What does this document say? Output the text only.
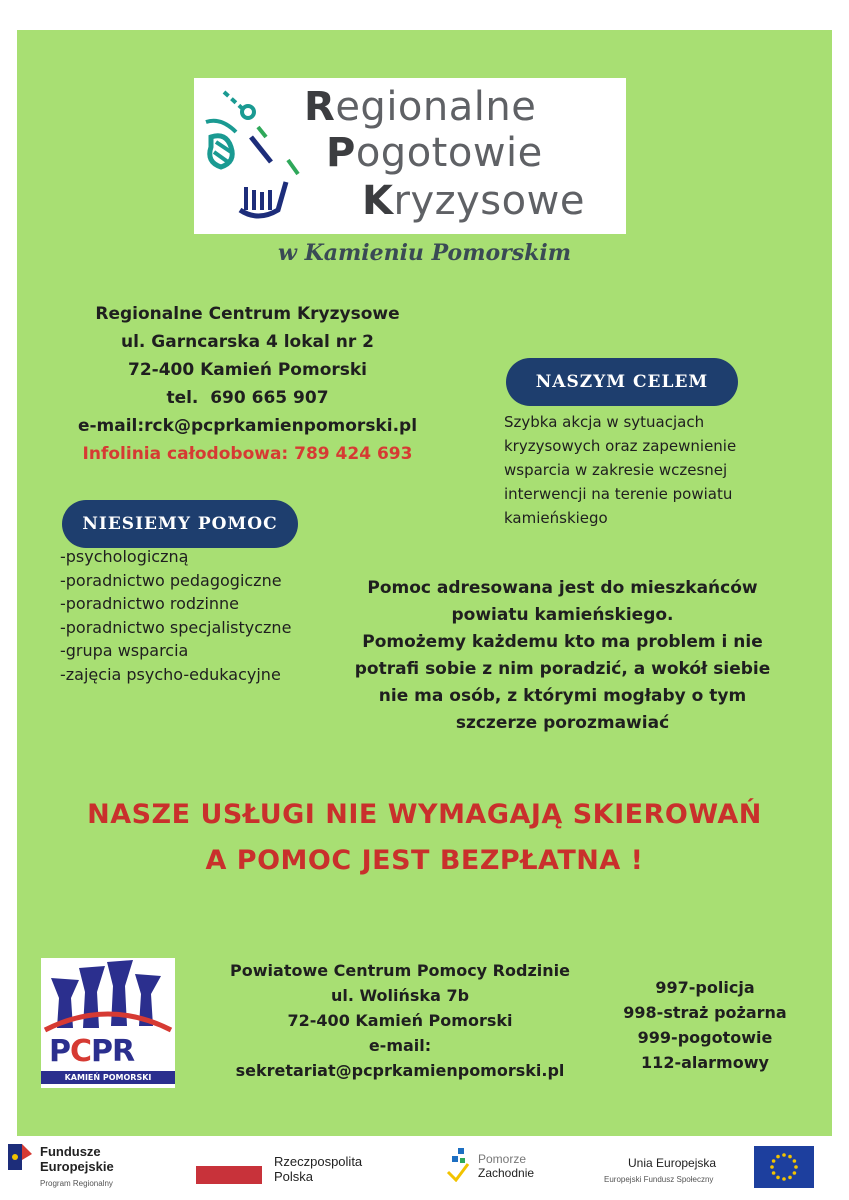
Regionalne
Pogotowie
Kryzysowe
w Kamieniu Pomorskim
Regionalne Centrum Kryzysowe
ul. Garncarska 4 lokal nr 2
72-400 Kamień Pomorski
tel.  690 665 907
e-mail:rck@pcprkamienpomorski.pl
Infolinia całodobowa: 789 424 693
NASZYM CELEM
Szybka akcja w sytuacjach kryzysowych oraz zapewnienie wsparcia w zakresie wczesnej interwencji na terenie powiatu kamieńskiego
NIESIEMY POMOC
-psychologiczną
-poradnictwo pedagogiczne
-poradnictwo rodzinne
-poradnictwo specjalistyczne
-grupa wsparcia
-zajęcia psycho-edukacyjne
Pomoc adresowana jest do mieszkańców
powiatu kamieńskiego.
Pomożemy każdemu kto ma problem i nie
potrafi sobie z nim poradzić, a wokół siebie
nie ma osób, z którymi mogłaby o tym
szczerze porozmawiać
NASZE USŁUGI NIE WYMAGAJĄ SKIEROWAŃ
A POMOC JEST BEZPŁATNA !
PCPR
KAMIEŃ POMORSKI
Powiatowe Centrum Pomocy Rodzinie
ul. Wolińska 7b
72-400 Kamień Pomorski
e-mail:
sekretariat@pcprkamienpomorski.pl
997-policja
998-straż pożarna
999-pogotowie
112-alarmowy
Fundusze
Europejskie
Program Regionalny
Rzeczpospolita
Polska
Pomorze
Zachodnie
Unia Europejska
Europejski Fundusz Społeczny
